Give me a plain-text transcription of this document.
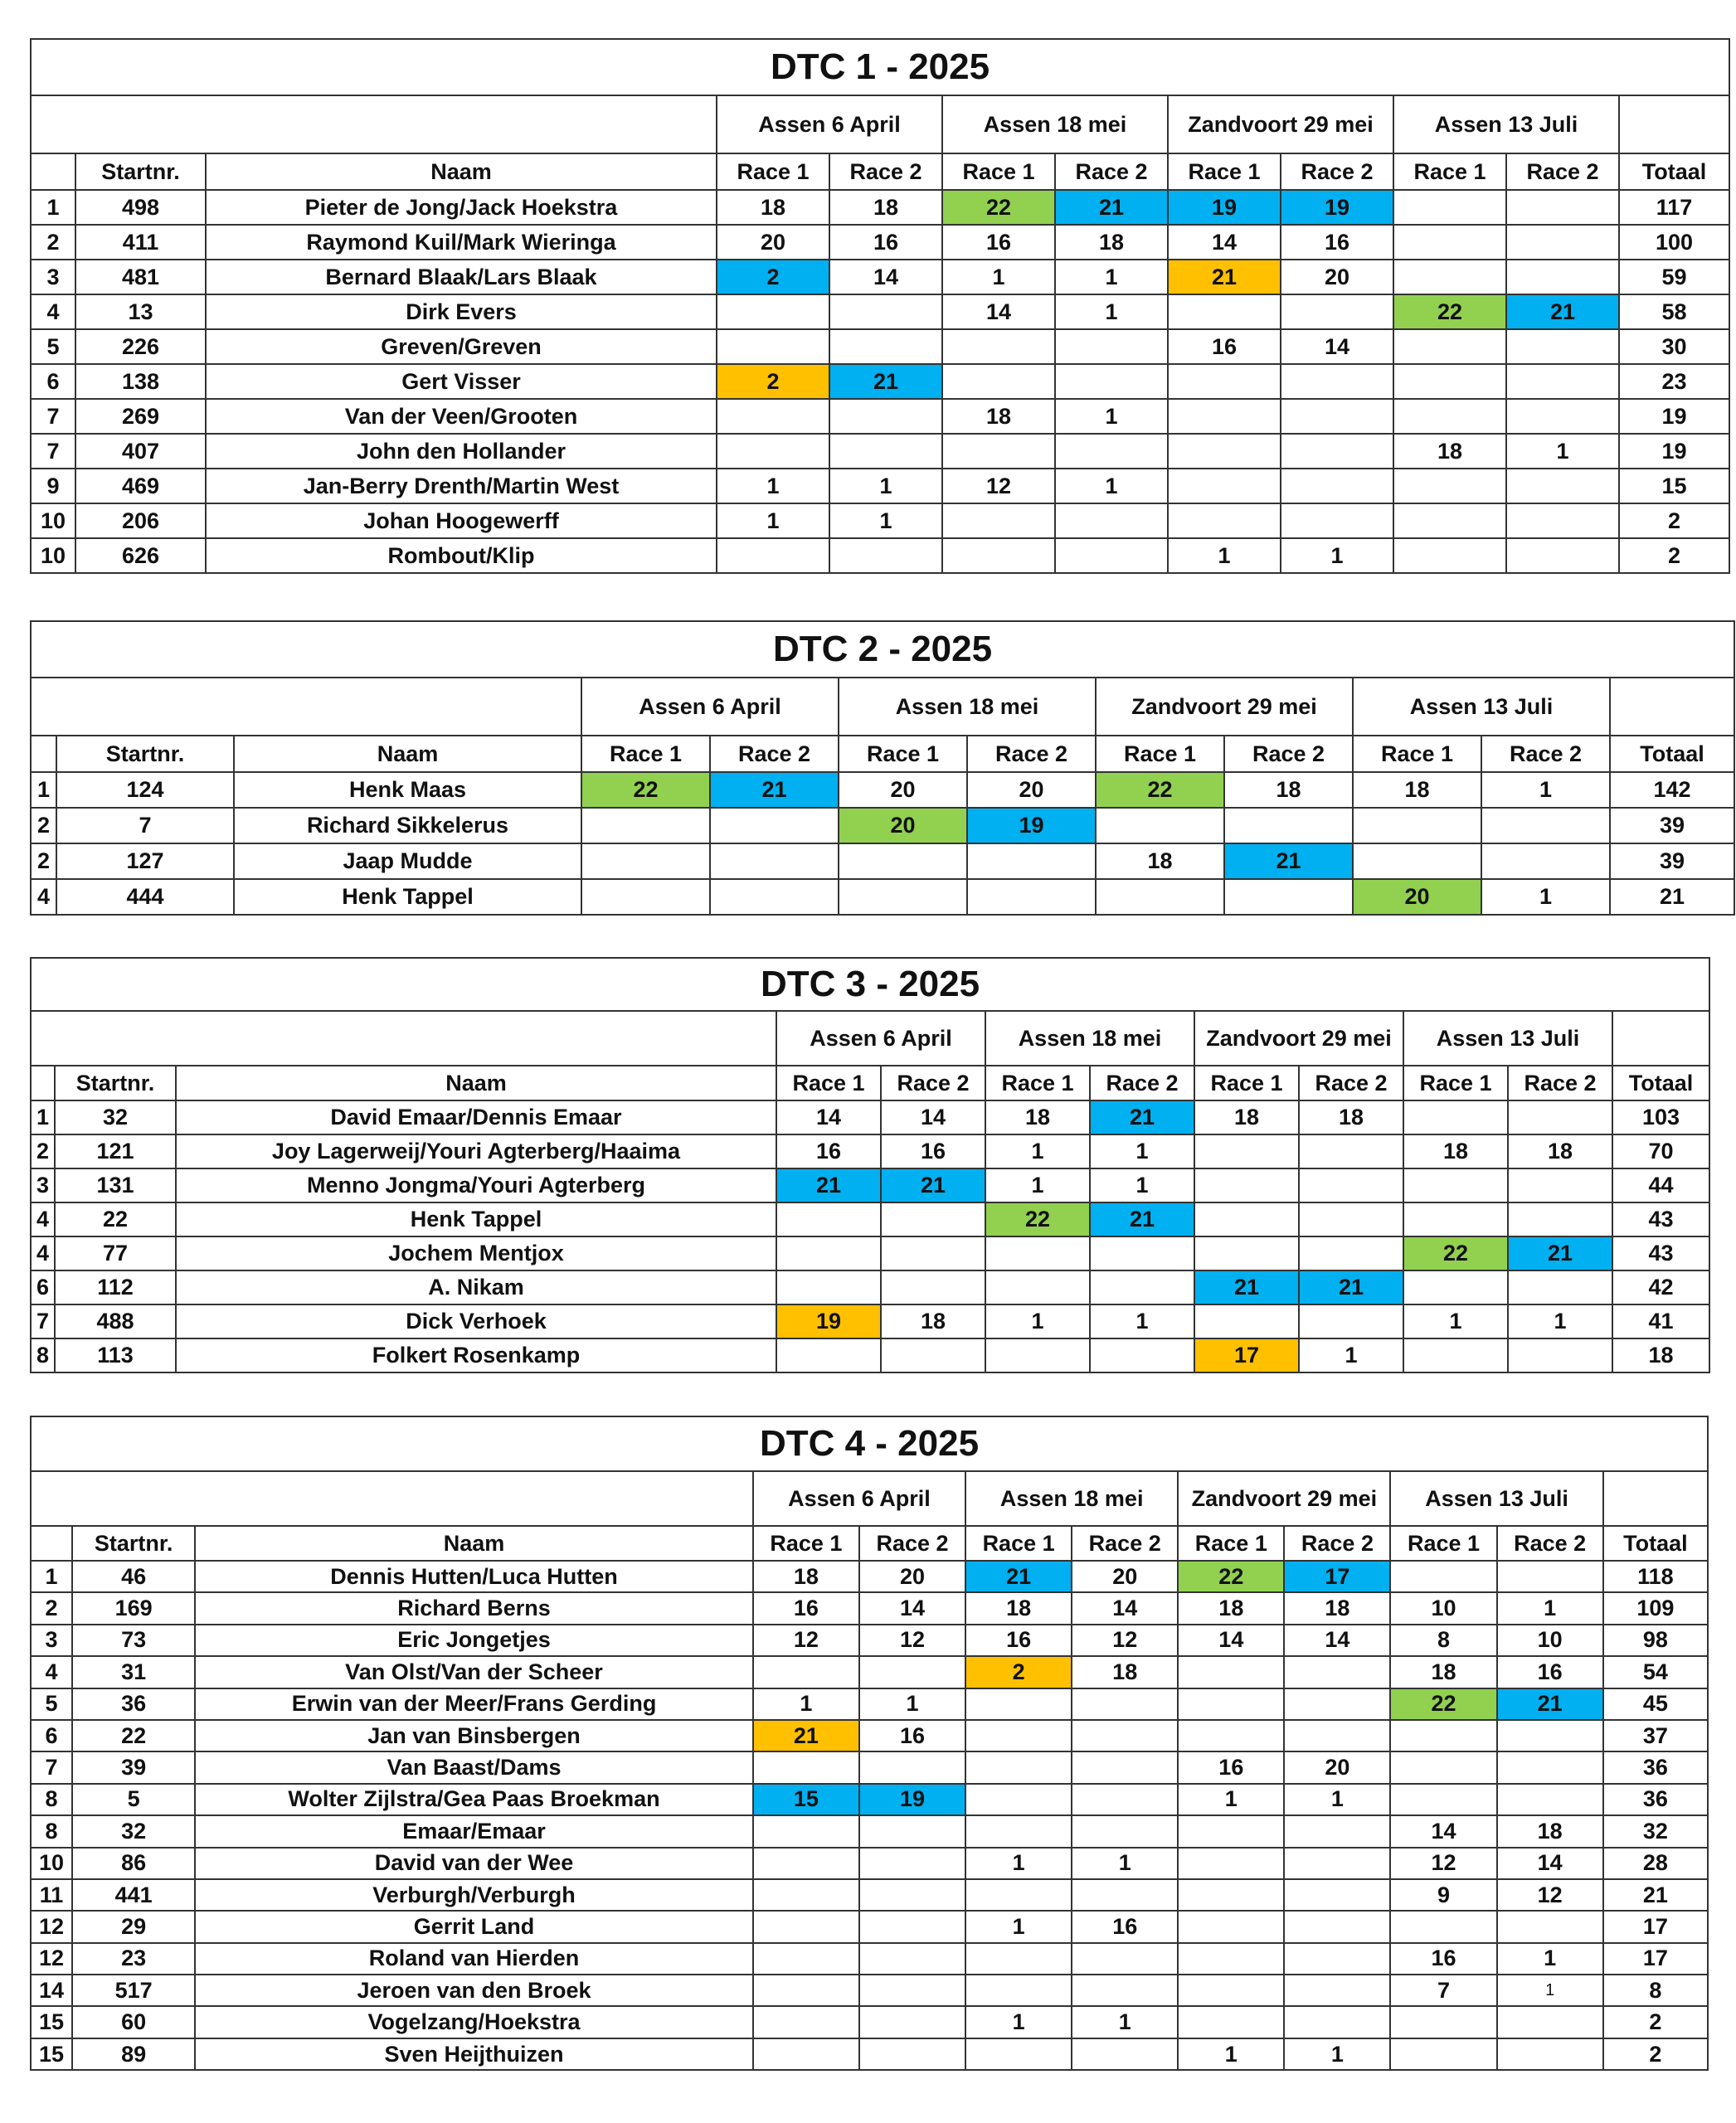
DTC 1 - 2025											
			Assen 6 April		Assen 18 mei		Zandvoort 29 mei		Assen 13 Juli		
	Startnr.	Naam	Race 1	Race 2	Race 1	Race 2	Race 1	Race 2	Race 1	Race 2	Totaal
1	498	Pieter de Jong/Jack Hoekstra	18	18	22	21	19	19			117
2	411	Raymond Kuil/Mark Wieringa	20	16	16	18	14	16			100
3	481	Bernard Blaak/Lars Blaak	2	14	1	1	21	20			59
4	13	Dirk Evers			14	1			22	21	58
5	226	Greven/Greven					16	14			30
6	138	Gert Visser	2	21							23
7	269	Van der Veen/Grooten			18	1					19
7	407	John den Hollander							18	1	19
9	469	Jan-Berry Drenth/Martin West	1	1	12	1					15
10	206	Johan Hoogewerff	1	1							2
10	626	Rombout/Klip					1	1			2
DTC 2 - 2025											
			Assen 6 April		Assen 18 mei		Zandvoort 29 mei		Assen 13 Juli		
	Startnr.	Naam	Race 1	Race 2	Race 1	Race 2	Race 1	Race 2	Race 1	Race 2	Totaal
1	124	Henk Maas	22	21	20	20	22	18	18	1	142
2	7	Richard Sikkelerus			20	19					39
2	127	Jaap Mudde					18	21			39
4	444	Henk Tappel							20	1	21
DTC 3 - 2025											
			Assen 6 April		Assen 18 mei		Zandvoort 29 mei		Assen 13 Juli		
	Startnr.	Naam	Race 1	Race 2	Race 1	Race 2	Race 1	Race 2	Race 1	Race 2	Totaal
1	32	David Emaar/Dennis Emaar	14	14	18	21	18	18			103
2	121	Joy Lagerweij/Youri Agterberg/Haaima	16	16	1	1			18	18	70
3	131	Menno Jongma/Youri Agterberg	21	21	1	1					44
4	22	Henk Tappel			22	21					43
4	77	Jochem Mentjox							22	21	43
6	112	A. Nikam					21	21			42
7	488	Dick Verhoek	19	18	1	1			1	1	41
8	113	Folkert Rosenkamp					17	1			18
DTC 4 - 2025											
			Assen 6 April		Assen 18 mei		Zandvoort 29 mei		Assen 13 Juli		
	Startnr.	Naam	Race 1	Race 2	Race 1	Race 2	Race 1	Race 2	Race 1	Race 2	Totaal
1	46	Dennis Hutten/Luca Hutten	18	20	21	20	22	17			118
2	169	Richard Berns	16	14	18	14	18	18	10	1	109
3	73	Eric Jongetjes	12	12	16	12	14	14	8	10	98
4	31	Van Olst/Van der Scheer			2	18			18	16	54
5	36	Erwin van der Meer/Frans Gerding	1	1					22	21	45
6	22	Jan van Binsbergen	21	16							37
7	39	Van Baast/Dams					16	20			36
8	5	Wolter Zijlstra/Gea Paas Broekman	15	19			1	1			36
8	32	Emaar/Emaar							14	18	32
10	86	David van der Wee			1	1			12	14	28
11	441	Verburgh/Verburgh							9	12	21
12	29	Gerrit Land			1	16					17
12	23	Roland van Hierden							16	1	17
14	517	Jeroen van den Broek							7	1	8
15	60	Vogelzang/Hoekstra			1	1					2
15	89	Sven Heijthuizen					1	1			2
